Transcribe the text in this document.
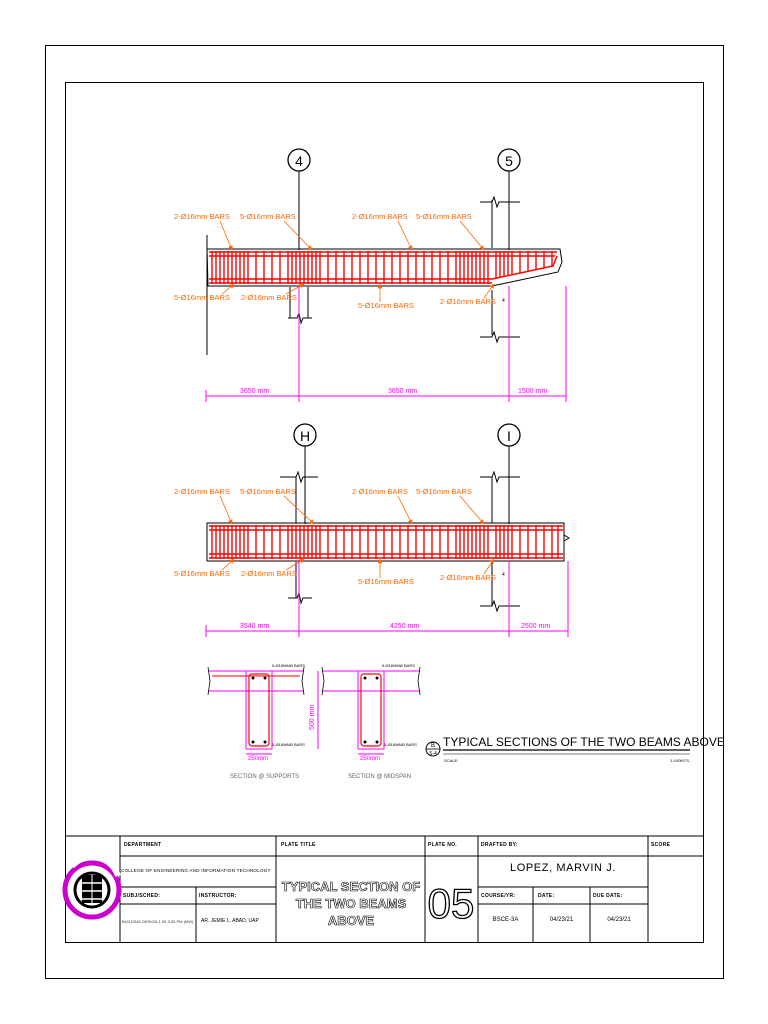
4	5
4
2-Ø16mm BARS 5-Ø16mm BARS	2-Ø16mm BARS 5-Ø16mm BARS
5-Ø16mm BARS 2-Ø16mm BARS
5-Ø16mm BARS	2-Ø16mm BARS
3650 mm	3650 mm	1500 mm
H	I
4
2-Ø16mm BARS 5-Ø16mm BARS	2-Ø16mm BARS 5-Ø16mm BARS
5-Ø16mm BARS 2-Ø16mm BARS
5-Ø16mm BARS	2-Ø16mm BARS
3540 mm	4250 mm	2500 mm
5-Ø16MMØ BARS
5-Ø16MMØ BARS
250mm
SECTION @ SUPPORTS
500 mm
5-Ø16MMØ BARS
5-Ø16MMØ BARS
250mm
SECTION @ MIDSPAN
B
S-4
TYPICAL SECTIONS OF THE TWO BEAMS ABOVE
SCALE:	1:100MTS.
05
DEPARTMENT
COLLEGE OF ENGINEERING AND INFORMATION TECHNOLOGY
SUBJ/SCHED:	INSTRUCTOR:
BUILDING DESIGN 1 00-3:30 PM (MW)	AR. JEMIE L. ABAD, UAP
PLATE TITLE
TYPICAL SECTION OF THE TWO BEAMS ABOVE
PLATE NO.	DRAFTED BY:
LOPEZ, MARVIN J.
COURSE/YR:	DATE:	DUE DATE:
BSCE-3A	04/23/21	04/23/21
SCORE
